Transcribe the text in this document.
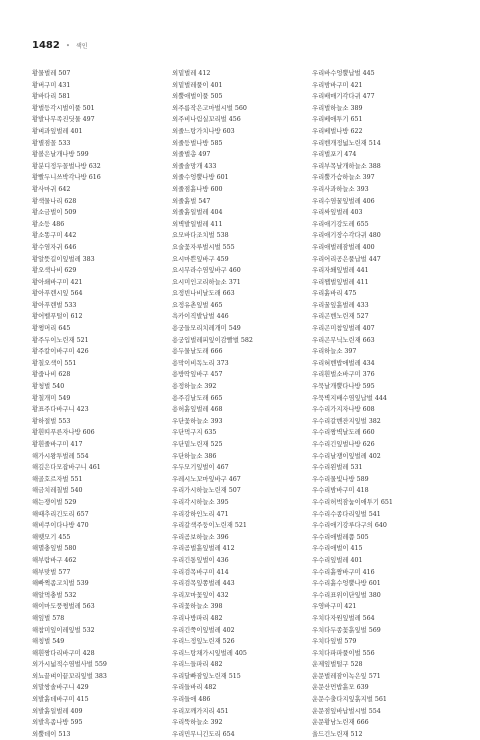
1482 • 색인
황물벌레 507
황버구미 431
황바다리 581
황벌등각시벌이풀 501
황발나무족진딧물 497
황벼과잎벌레 401
황별점꼴 533
황볼은날개나방 599
황분디정두꼴벌나방 632
황빨두니쓰박각나방 616
황사마귀 642
황색물나리 628
황소금벌이 509
황소등 486
황소똥구미 442
황수염자귀 646
황알뜻길이잎벌레 383
황오색나비 629
황아쇄바구미 421
황아푸렌시잎 564
황아푸렌벌 533
황어벨푸털이 612
황쩡머리 645
황주두이노린재 521
황주칼이바구미 426
황칠오색이 551
황줍나비 628
황청벌 540
황칠개미 549
황표주다바구니 423
황하절벌 553
황흰띠푸른자나방 606
황흰줄바구미 417
해가시왕투벌레 554
해깊은다모잡바구니 461
해골호르자벌 551
해금치레칠벌 540
해는쟁이벌 529
해때추리긴도리 657
해비쿠이다나방 470
해뗏모기 455
해멸충잎벌 580
해부람바구 462
해부맞벌 577
해빠쩍좀고치벌 539
해알먹충벌 532
해이마도풍쩡벌레 563
해잎벌 578
해참미잎이레잎벌 532
해칭벌 549
해흰짱다리바구미 428
외가시넓적수염벌사벌 559
외뇨끝벼이끝꼬리잎벌 383
외말쌍솔바구니 429
외발흙데바구미 415
외발흙일벌레 409
외발흑좀나방 595
외뿔데이 513
외밑벌레 412
외밑벌레풀이 401
외뿔애벌이풀 505
외주름작은고마벌시벌 560
외주비나림실꼬리벌 456
외줄느탕가치나방 603
외줄등벌나방 585
외줄벌총 497
외줄솔망개 433
외줄수엉뿔나방 601
외줄점흙나방 600
외줄흙벌 547
외줄흙일벌레 404
외벽발일벌레 411
요모바다조치벌 538
요술꽃자루벌시벌 555
요시마쁜잎바구 459
요시무라수염잎바구 460
요시미인고리하늘소 371
요정빈나비날도래 663
요정유촌잎벌 465
욕카이직발납벌 446
용궁들모리치레개미 549
용궁입벌레피잎이감빨벌 582
용두물날도래 666
용막이비독노리 373
용방딱잎바구 457
용정하늘소 392
용주김날도래 665
용허흙잎벌레 468
우단꽃하늘소 393
우단먹구지 635
우단밑노린재 525
우단하늘소 386
우두모기잎벌이 467
우레시노꼬마잎바구 467
우리가시하늘노린재 507
우리각시하늘소 395
우리강하인노리 471
우리갈색주둥이노린재 521
우리곰보하늘소 396
우리곰벌흙잎벌레 412
우리긴통잎벌이 436
우리검목바구미 414
우리검목잎쫑벌레 443
우리꼬마꽃잎이 432
우리꽃하늘소 398
우리나방파리 482
우리긴쭉이잎벌레 402
우리느정잎노린재 526
우리느탕채가시잎벌레 405
우리느들파리 482
우리달빠잠잎노린재 515
우리들바리 482
우리들애 486
우리꼬깨가지리 451
우리뚝하늘소 392
우리민무니긴도리 654
우리바수엉뿔납벌 445
우리밤바구미 421
우리배매기각다귀 477
우리벌하늘소 389
우리베애투기 651
우리베벌나방 622
우리벤개정넓노린재 514
우리벌포기 474
우리부목날개하늘소 388
우리뿔가슴하늘소 397
우리사과하늘소 393
우리수염꿀잎벌레 406
우리싸잎벌레 403
우리애기강도레 655
우리애기장수각다귀 480
우리애벌레잠벌레 400
우리어리공은풀납벌 447
우리자쐐잎벌레 441
우리쨉벌잎벌레 411
우리흙바리 475
우리꿀잎흙벌레 433
우리곤벤노린재 527
우리곤미참잎벌레 407
우리곤무닉노린재 663
우리하늘소 397
우리혀벤밥애벌레 434
우리흰벌소바구미 376
우묵날개뿔다나방 595
우묵벽지배수염잎납벌 444
우수리가지자나방 608
우수리갈벤잔지잎벌 382
우수리짱벽날도레 660
우수리긴잎벌나방 626
우수리날쟁이잎벌레 402
우수리왼벌레 531
우수리물빛나방 589
우수리밤바구미 418
우수리허벅잠눕이애투기 651
우수리수종다리잎벌 541
우수리애기강루다구의 640
우수리애벌레쯤 505
우수리애벌이 415
우수리잎벌레 401
우수리흙짱바구미 416
우수리흙수엉뿔나방 601
우수리표위이단잎벌 380
우영바구미 421
우치다자원잎벌레 564
우치다두종꽃흙잎벌 569
우치다잎벌 579
우치다파파풀이벌 556
운제잎벌털구 528
운문벌레잠이녹은잎 571
운문산먼밥흙모 639
운문수출다지잎흙지벌 561
운문점잎바납벌시벌 554
운문황남노린재 666
울드긴노린재 512
